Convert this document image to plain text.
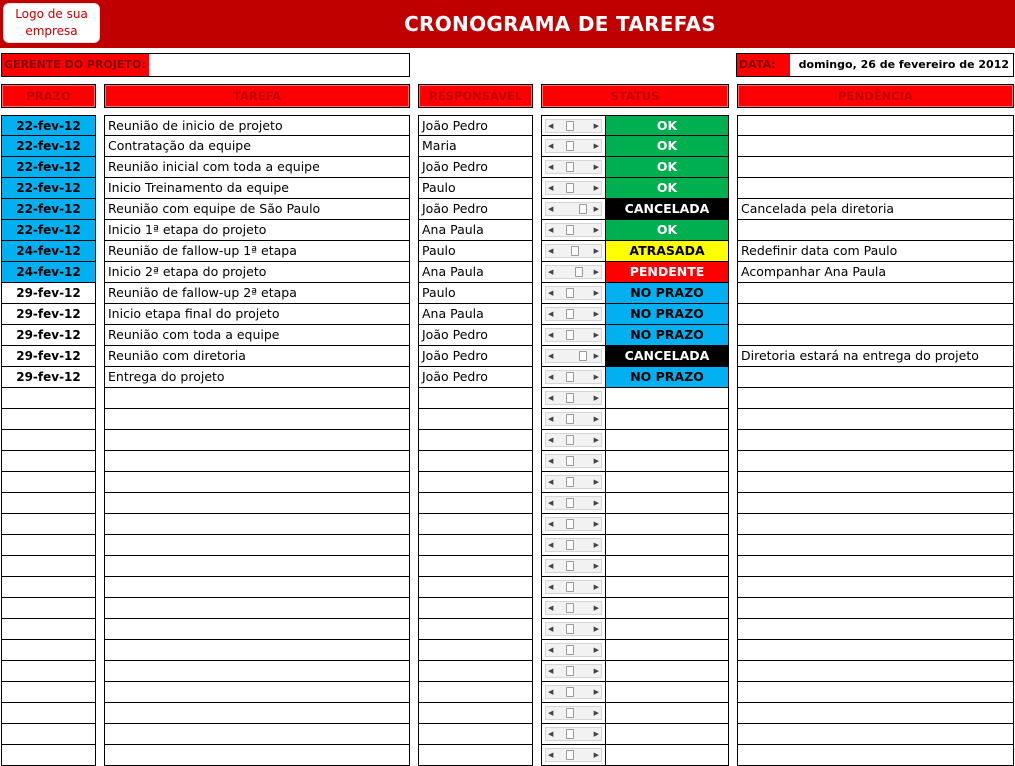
Logo de sua
empresa	CRONOGRAMA DE TAREFAS
GERENTE DO PROJETO:	DATA:	domingo, 26 de fevereiro de 2012
PRAZO	TAREFA	RESPONSÁVEL	STATUS	PENDÊNCIA
22-fev-12	Reunião de inicio de projeto	João Pedro	◀	▶	OK
22-fev-12	Contratação da equipe	Maria	◀	▶	OK
22-fev-12	Reunião inicial com toda a equipe	João Pedro	◀	▶	OK
22-fev-12	Inicio Treinamento da equipe	Paulo	◀	▶	OK
22-fev-12	Reunião com equipe de São Paulo	João Pedro	◀	▶	CANCELADA	Cancelada pela diretoria
22-fev-12	Inicio 1ª etapa do projeto	Ana Paula	◀	▶	OK
24-fev-12	Reunião de fallow-up 1ª etapa	Paulo	◀	▶	ATRASADA	Redefinir data com Paulo
24-fev-12	Inicio 2ª etapa do projeto	Ana Paula	◀	▶	PENDENTE	Acompanhar Ana Paula
29-fev-12	Reunião de fallow-up 2ª etapa	Paulo	◀	▶	NO PRAZO
29-fev-12	Inicio etapa final do projeto	Ana Paula	◀	▶	NO PRAZO
29-fev-12	Reunião com toda a equipe	João Pedro	◀	▶	NO PRAZO
29-fev-12	Reunião com diretoria	João Pedro	◀	▶	CANCELADA	Diretoria estará na entrega do projeto
29-fev-12	Entrega do projeto	João Pedro	◀	▶	NO PRAZO
◀	▶
◀	▶
◀	▶
◀	▶
◀	▶
◀	▶
◀	▶
◀	▶
◀	▶
◀	▶
◀	▶
◀	▶
◀	▶
◀	▶
◀	▶
◀	▶
◀	▶
◀	▶
